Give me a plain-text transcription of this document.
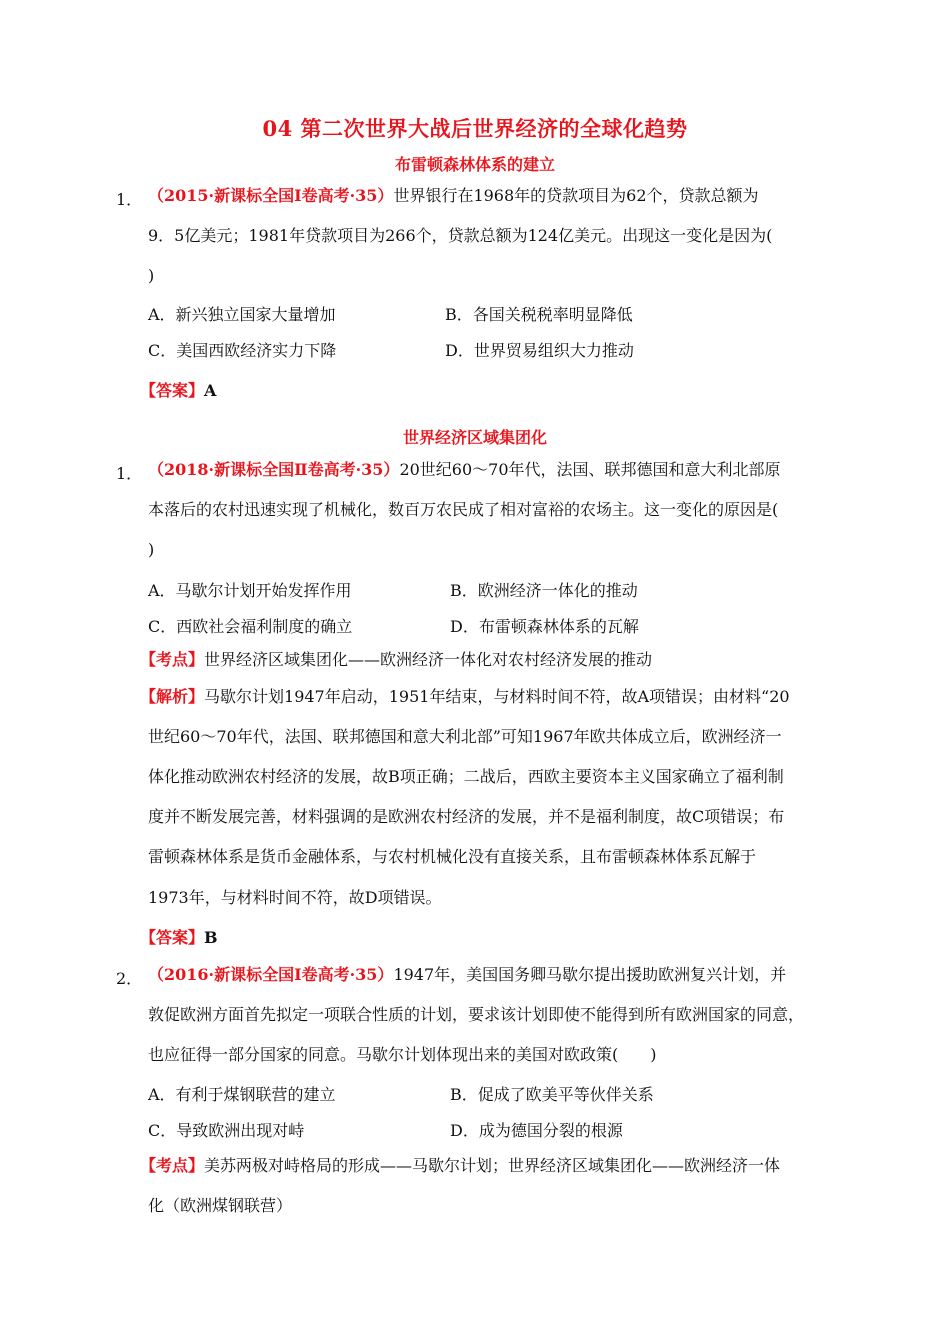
04 第二次世界大战后世界经济的全球化趋势
布雷顿森林体系的建立
1． （2015·新课标全国Ⅰ卷高考·35）世界银行在1968年的贷款项目为62个，贷款总额为
9．5亿美元；1981年贷款项目为266个，贷款总额为124亿美元。出现这一变化是因为(
)
A．新兴独立国家大量增加	B．各国关税税率明显降低
C．美国西欧经济实力下降	D．世界贸易组织大力推动
【答案】A
世界经济区域集团化
1． （2018·新课标全国Ⅱ卷高考·35）20世纪60～70年代，法国、联邦德国和意大利北部原
本落后的农村迅速实现了机械化，数百万农民成了相对富裕的农场主。这一变化的原因是(
)
A．马歇尔计划开始发挥作用	B．欧洲经济一体化的推动
C．西欧社会福利制度的确立	D．布雷顿森林体系的瓦解
【考点】世界经济区域集团化——欧洲经济一体化对农村经济发展的推动
【解析】马歇尔计划1947年启动，1951年结束，与材料时间不符，故A项错误；由材料“20
世纪60～70年代，法国、联邦德国和意大利北部”可知1967年欧共体成立后，欧洲经济一
体化推动欧洲农村经济的发展，故B项正确；二战后，西欧主要资本主义国家确立了福利制
度并不断发展完善，材料强调的是欧洲农村经济的发展，并不是福利制度，故C项错误；布
雷顿森林体系是货币金融体系，与农村机械化没有直接关系，且布雷顿森林体系瓦解于
1973年，与材料时间不符，故D项错误。
【答案】B
2． （2016·新课标全国Ⅰ卷高考·35）1947年，美国国务卿马歇尔提出援助欧洲复兴计划，并
敦促欧洲方面首先拟定一项联合性质的计划，要求该计划即使不能得到所有欧洲国家的同意，
也应征得一部分国家的同意。马歇尔计划体现出来的美国对欧政策(　　)
A．有利于煤钢联营的建立	B．促成了欧美平等伙伴关系
C．导致欧洲出现对峙	D．成为德国分裂的根源
【考点】美苏两极对峙格局的形成——马歇尔计划；世界经济区域集团化——欧洲经济一体
化（欧洲煤钢联营）
